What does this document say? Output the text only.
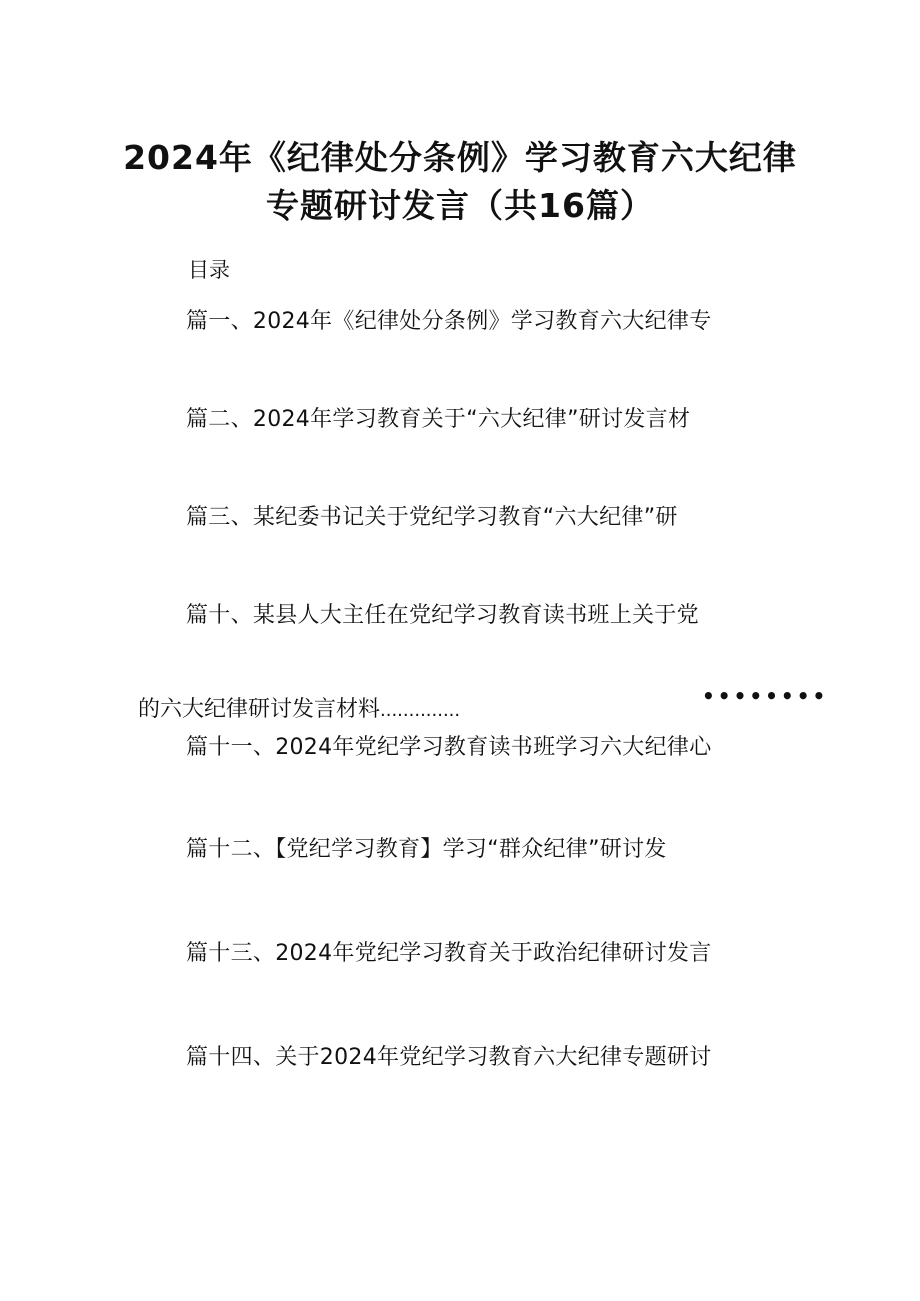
2024年《纪律处分条例》学习教育六大纪律
专题研讨发言（共16篇）
目录
篇一、2024年《纪律处分条例》学习教育六大纪律专
篇二、2024年学习教育关于“六大纪律”研讨发言材
篇三、某纪委书记关于党纪学习教育“六大纪律”研
篇十、某县人大主任在党纪学习教育读书班上关于党
的六大纪律研讨发言材料..............
••••••••
篇十一、2024年党纪学习教育读书班学习六大纪律心
篇十二、【党纪学习教育】学习“群众纪律”研讨发
篇十三、2024年党纪学习教育关于政治纪律研讨发言
篇十四、关于2024年党纪学习教育六大纪律专题研讨
